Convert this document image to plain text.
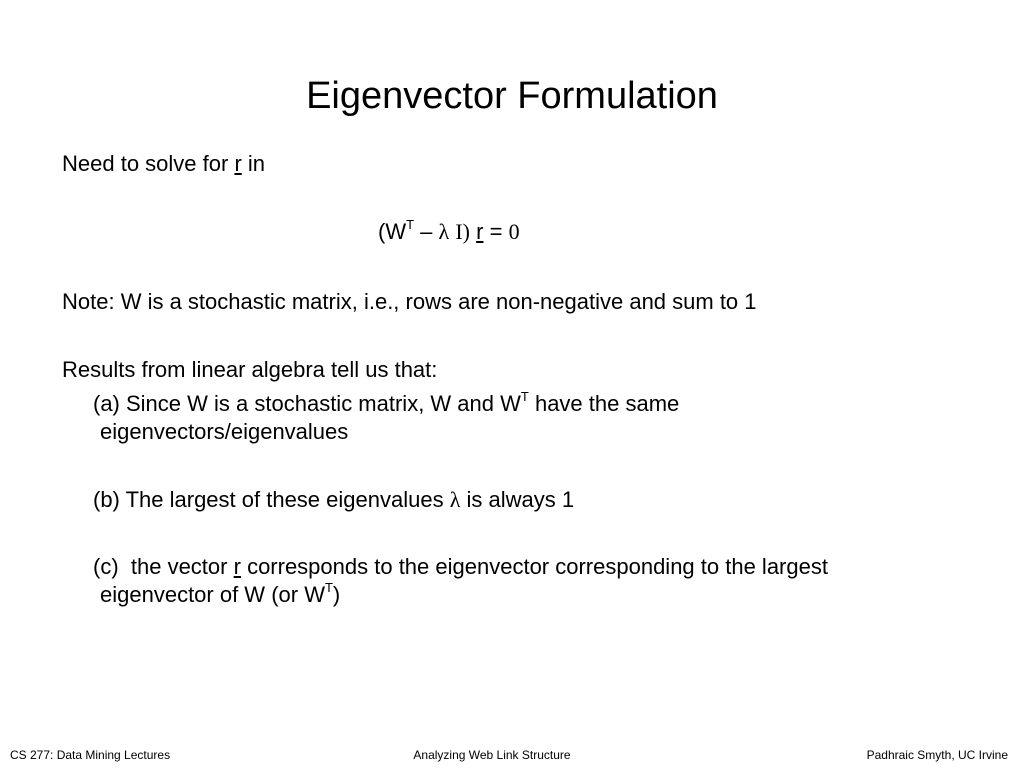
Eigenvector Formulation
Need to solve for r in
($W^T$ – λ I) r = 0
Note: W is a stochastic matrix, i.e., rows are non-negative and sum to 1
Results from linear algebra tell us that:
(a) Since W is a stochastic matrix, W and $W^T$ have the same
eigenvectors/eigenvalues
(b) The largest of these eigenvalues λ is always 1
(c)  the vector r corresponds to the eigenvector corresponding to the largest
eigenvector of W (or $W^T$)
CS 277: Data Mining Lectures	Analyzing Web Link Structure	Padhraic Smyth, UC Irvine
